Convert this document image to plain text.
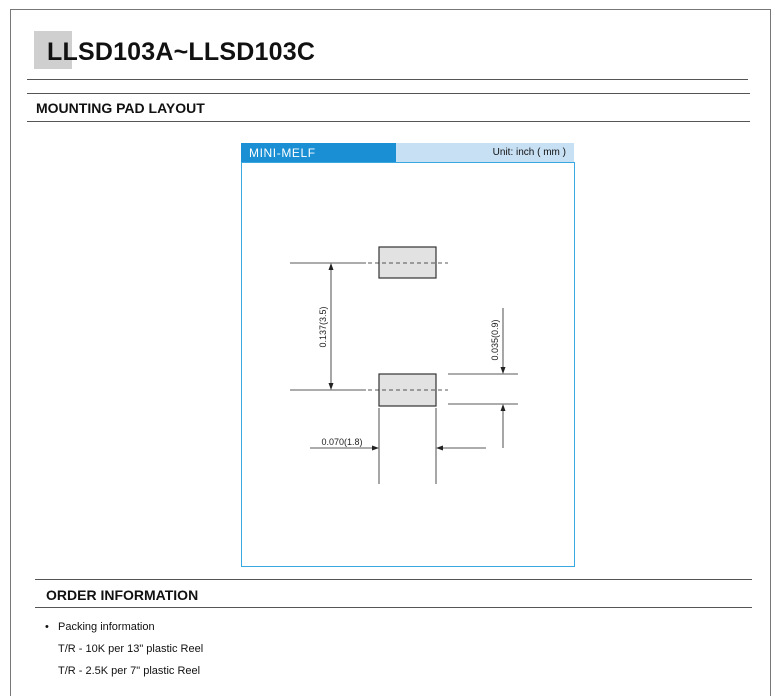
LLSD103A~LLSD103C
MOUNTING PAD LAYOUT
MINI-MELF	Unit: inch ( mm )
0.137(3.5)	0.035(0.9)
0.070(1.8)
ORDER INFORMATION
• Packing information
T/R - 10K per 13" plastic Reel
T/R - 2.5K per 7" plastic Reel
